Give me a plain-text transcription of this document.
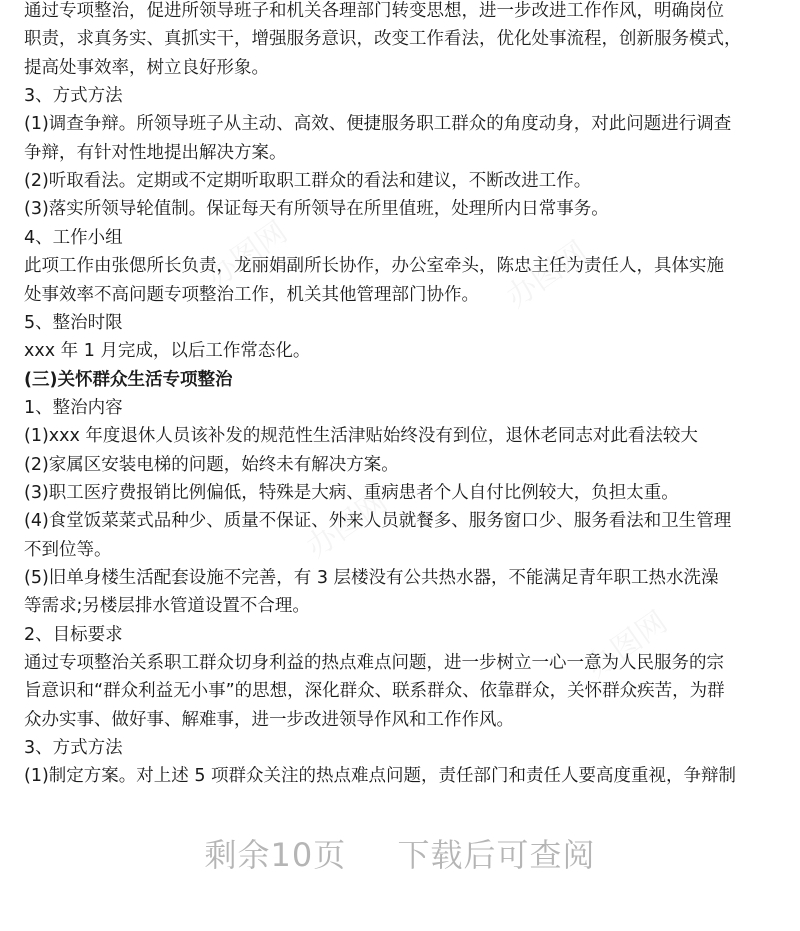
通过专项整治，促进所领导班子和机关各理部门转变思想，进一步改进工作作风，明确岗位
职责，求真务实、真抓实干，增强服务意识，改变工作看法，优化处事流程，创新服务模式，
提高处事效率，树立良好形象。
3、方式方法
(1)调查争辩。所领导班子从主动、高效、便捷服务职工群众的角度动身，对此问题进行调查
争辩，有针对性地提出解决方案。
(2)听取看法。定期或不定期听取职工群众的看法和建议，不断改进工作。
(3)落实所领导轮值制。保证每天有所领导在所里值班，处理所内日常事务。
4、工作小组
此项工作由张偲所长负责，龙丽娟副所长协作，办公室牵头，陈忠主任为责任人，具体实施
处事效率不高问题专项整治工作，机关其他管理部门协作。
5、整治时限
xxx 年 1 月完成，以后工作常态化。
(三)关怀群众生活专项整治
1、整治内容
(1)xxx 年度退休人员该补发的规范性生活津贴始终没有到位，退休老同志对此看法较大
(2)家属区安装电梯的问题，始终未有解决方案。
(3)职工医疗费报销比例偏低，特殊是大病、重病患者个人自付比例较大，负担太重。
(4)食堂饭菜菜式品种少、质量不保证、外来人员就餐多、服务窗口少、服务看法和卫生管理
不到位等。
(5)旧单身楼生活配套设施不完善，有 3 层楼没有公共热水器，不能满足青年职工热水洗澡
等需求;另楼层排水管道设置不合理。
2、目标要求
通过专项整治关系职工群众切身利益的热点难点问题，进一步树立一心一意为人民服务的宗
旨意识和“群众利益无小事”的思想，深化群众、联系群众、依靠群众，关怀群众疾苦，为群
众办实事、做好事、解难事，进一步改进领导作风和工作作风。
3、方式方法
(1)制定方案。对上述 5 项群众关注的热点难点问题，责任部门和责任人要高度重视，争辩制
剩余10页 下载后可查阅
